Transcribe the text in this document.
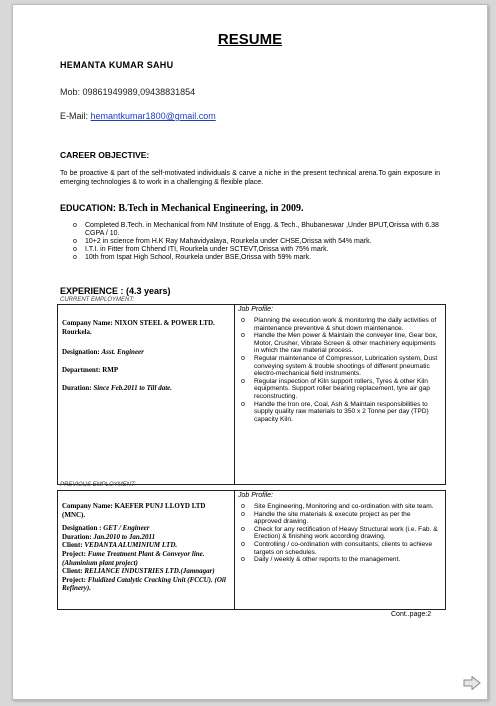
RESUME
HEMANTA KUMAR SAHU
Mob: 09861949989,09438831854
E-Mail: hemantkumar1800@gmail.com
CAREER OBJECTIVE:
To be proactive & part of the self-motivated individuals & carve a niche in the present technical arena.To gain exposure in emerging technologies & to work in a challenging & flexible place.
EDUCATION: B.Tech in Mechanical Engineering, in 2009.
o Completed B.Tech. in Mechanical from NM Institute of Engg. & Tech., Bhubaneswar ,Under BPUT,Orissa with 6.38 CGPA / 10.
o 10+2 in science from H.K Ray Mahavidyalaya, Rourkela under CHSE,Orissa with 54% mark.
o I.T.I. in Fitter from Chhend ITI, Rourkela under SCTEVT,Orissa with 75% mark.
o 10th from Ispat High School, Rourkela under BSE,Orissa with 59% mark.
EXPERIENCE : (4.3 years)
CURRENT EMPLOYMENT:
Company Name: NIXON STEEL & POWER LTD. Rourkela.
Designation: Asst. Engineer
Department: RMP
Duration: Since Feb.2011 to Till date.
Job Profile:
o Planning the execution work & monitoring the daily activities of maintenance preventive & shut down maintenance.
o Handle the Men power & Maintain the conveyer line, Gear box, Motor, Crusher, Vibrate Screen & other machinery equipments in which the raw material process.
o Regular maintenance of Compressor, Lubrication system, Dust conveying system & trouble shootings of different pneumatic electro-mechanical field instruments.
o Regular inspection of Kiln support rollers, Tyres & other Kiln equipments. Support roller bearing replacement, tyre air gap reconstructing.
o Handle the Iron ore, Coal, Ash & Maintain responsibilities to supply quality raw materials to 350 x 2 Tonne per day (TPD) capacity Kiln.
PREVIOUS EMPLOYMENT:
Company Name: KAEFER PUNJ LLOYD LTD (MNC).
Designation : GET / Engineer
Duration: Jan.2010 to Jan.2011
Client: VEDANTA ALUMINIUM LTD.
Project: Fume Treatment Plant & Conveyor line. (Aluminium plant project)
Client: RELIANCE INDUSTRIES LTD.(Jamnagar)
Project: Fluidized Catalytic Cracking Unit (FCCU). (Oil Refinery).
Job Profile:
o Site Engineering, Monitoring and co-ordination with site team.
o Handle the site materials & execute project as per the approved drawing.
o Check for any rectification of Heavy Structural work (i.e. Fab. & Erection) & finishing work according drawing.
o Controlling / co-ordination with consultants, clients to achieve targets on schedules.
o Daily / weekly & other reports to the management.
Cont..page:2
